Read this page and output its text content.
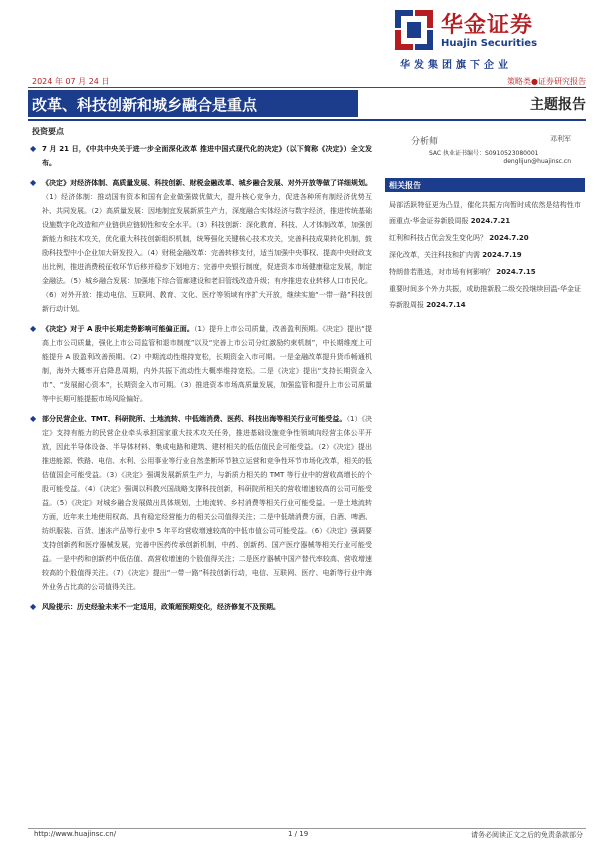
华金证券
Huajin Securities
华发集团旗下企业
2024 年 07 月 24 日	策略类●证券研究报告
改革、科技创新和城乡融合是重点	主题报告
投资要点
◆ 7 月 21 日，《中共中央关于进一步全面深化改革 推进中国式现代化的决定》（以下简称《决定》）全文发布。
◆ 《决定》对经济体制、高质量发展、科技创新、财税金融改革、城乡融合发展、对外开放等做了详细规划。（1）经济体制：推动国有资本和国有企业做强做优做大，提升核心竞争力，促进各种所有制经济优势互补、共同发展。（2）高质量发展：因地制宜发展新质生产力，深度融合实体经济与数字经济，推进传统基础设施数字化改造和产业链供应链韧性和安全水平。（3）科技创新：深化教育、科技、人才体制改革，加强创新能力和技术攻关，优化重大科技创新组织机制，统筹强化关键核心技术攻关，完善科技成果转化机制，鼓励科技型中小企业加大研发投入。（4）财税金融改革：完善转移支付，适当加强中央事权、提高中央财政支出比例，推进消费税征收环节后移并稳步下划地方；完善中央银行制度，促进资本市场健康稳定发展，制定金融法。（5）城乡融合发展：加强地下综合管廊建设和老旧管线改造升级；有序推进农业转移人口市民化。（6）对外开放：推动电信、互联网、教育、文化、医疗等领域有序扩大开放，继续实施“一带一路”科技创新行动计划。
◆ 《决定》对于 A 股中长期走势影响可能偏正面。（1）提升上市公司质量，改善盈利预期。《决定》提出“提高上市公司质量，强化上市公司监管和退市制度”以及“完善上市公司分红激励约束机制”，中长期维度上可能提升 A 股盈利改善预期。（2）中期流动性维持宽松，长期资金入市可期。一是金融改革提升货币畅通机制，海外大概率开启降息周期，内外共振下流动性大概率维持宽松。二是《决定》提出“支持长期资金入市”、“发展耐心资本”，长期资金入市可期。（3）推进资本市场高质量发展，加强监管和提升上市公司质量等中长期可能提振市场风险偏好。
◆ 部分民营企业、TMT、科研院所、土地流转、中低端消费、医药、科技出海等相关行业可能受益。（1）《决定》支持有能力的民营企业牵头承担国家重大技术攻关任务，推进基础设施竞争性领域向经营主体公平开放，因此半导体设备、半导体材料、集成电路和建筑、建材相关的低估值民企可能受益。（2）《决定》提出推进能源、铁路、电信、水利、公用事业等行业自然垄断环节独立运营和竞争性环节市场化改革，相关的低估值国企可能受益。（3）《决定》强调发展新质生产力，与新质力相关的 TMT 等行业中的营收高增长的个股可能受益。（4）《决定》强调以科教兴国战略支撑科技创新，科研院所相关的营收增速较高的公司可能受益。（5）《决定》对城乡融合发展做出具体规划，土地流转、乡村消费等相关行业可能受益。一是土地流转方面，近年来土地使用权高、具有稳定经营能力的相关公司值得关注；二是中低端消费方面，白酒、啤酒、纺织服装、百货、速冻产品等行业中 5 年平均营收增速较高的中低市值公司可能受益。（6）《决定》强调要支持创新药和医疗器械发展，完善中医药传承创新机制，中药、创新药、国产医疗器械等相关行业可能受益。一是中药和创新药中低估值、高营收增速的个股值得关注；二是医疗器械中国产替代率较高、营收增速较高的个股值得关注。（7）《决定》提出“一带一路”科技创新行动，电信、互联网、医疗、电新等行业中海外业务占比高的公司值得关注。
◆ 风险提示：历史经验未来不一定适用，政策超预期变化，经济修复不及预期。
分析师	邓利军
SAC 执业证书编号：S0910523080001
denglijun@huajinsc.cn
相关报告
局部活跃特征更为凸显，催化共振方向暂时成依然是结构性市面重点-华金证券新股周报 2024.7.21
红利和科技占优会发生变化吗？ 2024.7.20
深化改革，关注科技和扩内需 2024.7.19
特朗普若胜选，对市场有何影响？ 2024.7.15
重要时间多个外力共振，或助推新股二级交投继续回温-华金证券新股周报 2024.7.14
http://www.huajinsc.cn/	1 / 19	请务必阅读正文之后的免责条款部分
